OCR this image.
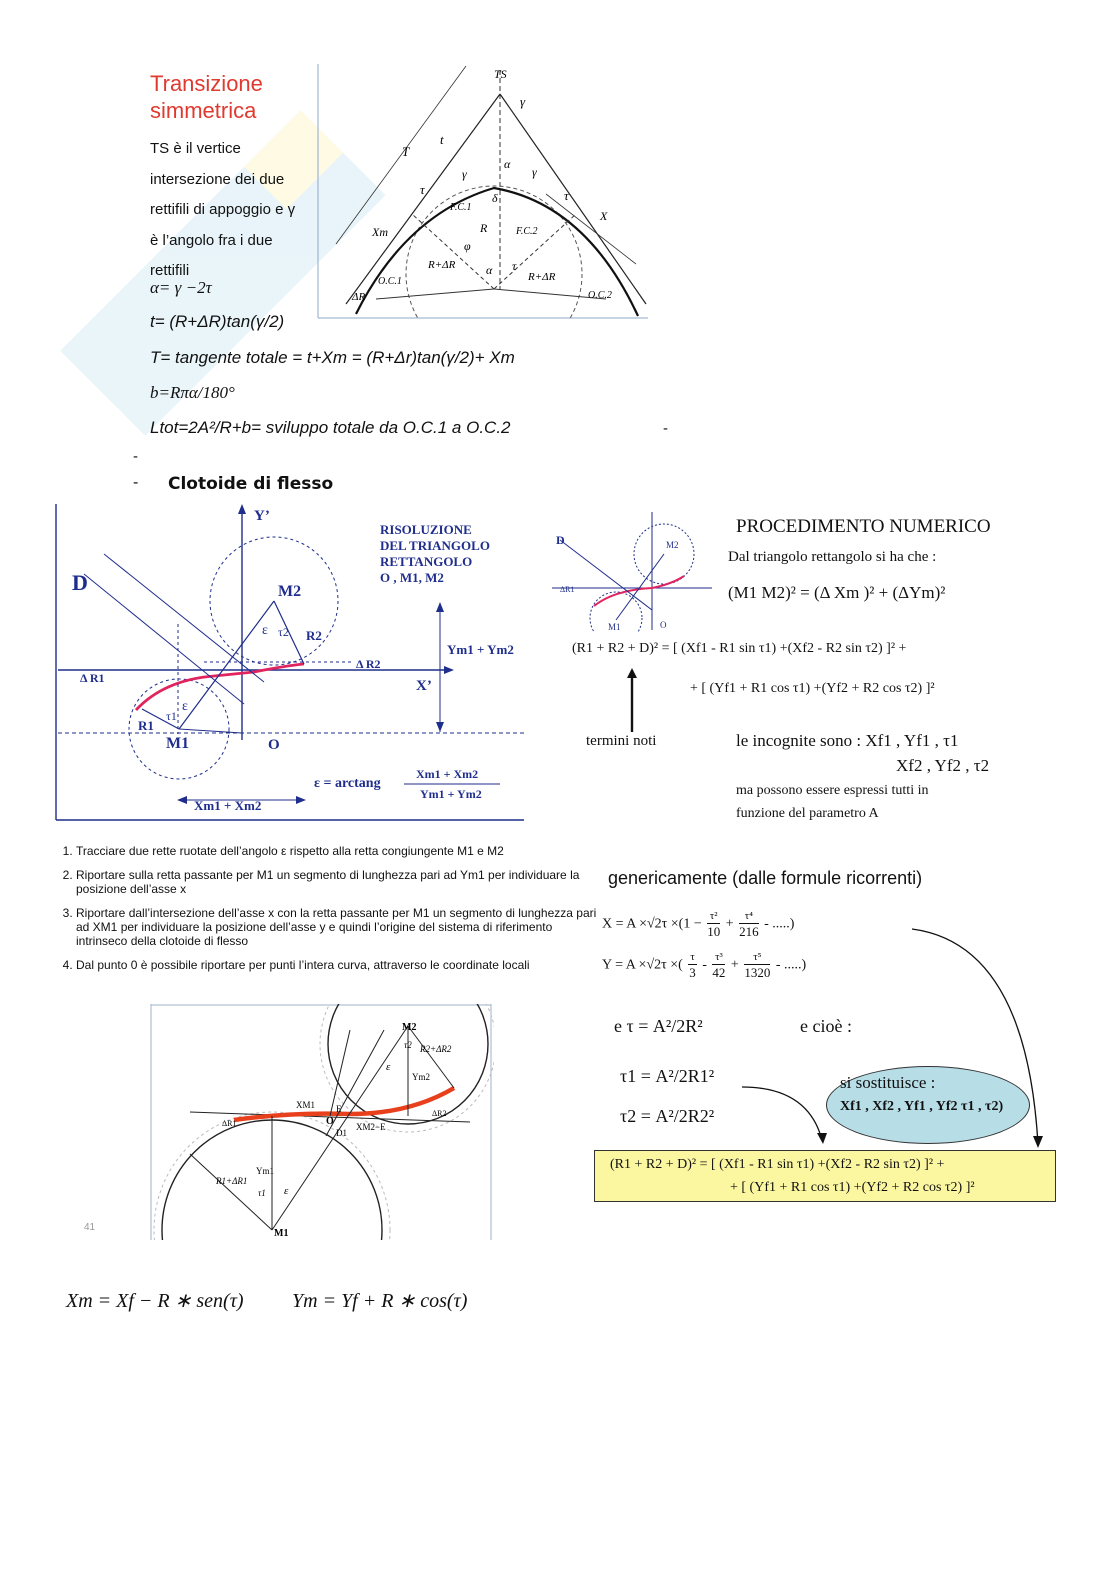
Transizione
simmetrica
TS è il vertice
intersezione dei due
rettifili di appoggio e γ
è l’angolo fra i due
rettifili
α= γ −2τ
t= (R+ΔR)tan(γ/2)
T= tangente totale = t+Xm = (R+Δr)tan(γ/2)+ Xm
b=Rπα/180°
Ltot=2A²/R+b= sviluppo totale da O.C.1 a O.C.2	-
-
TS
T
t
Xm
X
R
R+ΔR
R+ΔR
ΔR
O.C.1
O.C.2
F.C.1
F.C.2
τ	τ
τ
γ	γ
γ
α
α
δ
φ
- Clotoide di flesso
Y’
X’
D	M2
M1	O
R1
R2
Δ R1
Δ R2
ε
ε
τ1
τ2
Ym1 + Ym2
Xm1 + Xm2
RISOLUZIONE
DEL TRIANGOLO
RETTANGOLO
O , M1, M2
ε = arctang
Xm1 + Xm2
Ym1 + Ym2
D	M2
M1	O
ΔR1
PROCEDIMENTO NUMERICO
Dal triangolo rettangolo si ha che :
(M1 M2)² = (Δ Xm )² + (ΔYm)²
(R1 + R2 + D)² = [ (Xf1 - R1 sin τ1) +(Xf2 - R2 sin τ2) ]² +
+ [ (Yf1 + R1 cos τ1) +(Yf2 + R2 cos τ2) ]²
termini noti	le incognite sono : Xf1 , Yf1 , τ1
Xf2 , Yf2 , τ2
ma possono essere espressi tutti in
funzione del parametro A
1. Tracciare due rette ruotate dell’angolo ε rispetto alla retta congiungente M1 e M2
2. Riportare sulla retta passante per M1 un segmento di lunghezza pari ad Ym1 per individuare la posizione dell’asse x
3. Riportare dall’intersezione dell’asse x con la retta passante per M1 un segmento di lunghezza pari ad XM1 per individuare la posizione dell’asse y e quindi l’origine del sistema di riferimento intrinseco della clotoide di flesso
4. Dal punto 0 è possibile riportare per punti l’intera curva, attraverso le coordinate locali
genericamente (dalle formule ricorrenti)
$X = A \times√2\tau \times(1 - \frac{\text{τ²}}{10} + \frac{\text{τ⁴}}{216}$ - .....)
Y = A ×√2τ ×( $\frac{\tau}{3} - \frac{\text{τ³}}{42} + \frac{\text{τ⁵}}{1320}$ - .....)
e τ = A²/2R²	e cioè :
τ1 = A²/2R1²
τ2 = A²/2R2²
si sostituisce :
Xf1 , Xf2 , Yf1 , Yf2 τ1 , τ2)
(R1 + R2 + D)² = [ (Xf1 - R1 sin τ1) +(Xf2 - R2 sin τ2) ]² +
+ [ (Yf1 + R1 cos τ1) +(Yf2 + R2 cos τ2) ]²
M2
M1
ε
ε
Ym2
Ym1
XM1
XM2−E
E
D1
O
R2+ΔR2
R1+ΔR1
ΔR1
ΔR2
τ1
τ2
41
Xm = Xf − R ∗ sen(τ) Ym = Yf + R ∗ cos(τ)
